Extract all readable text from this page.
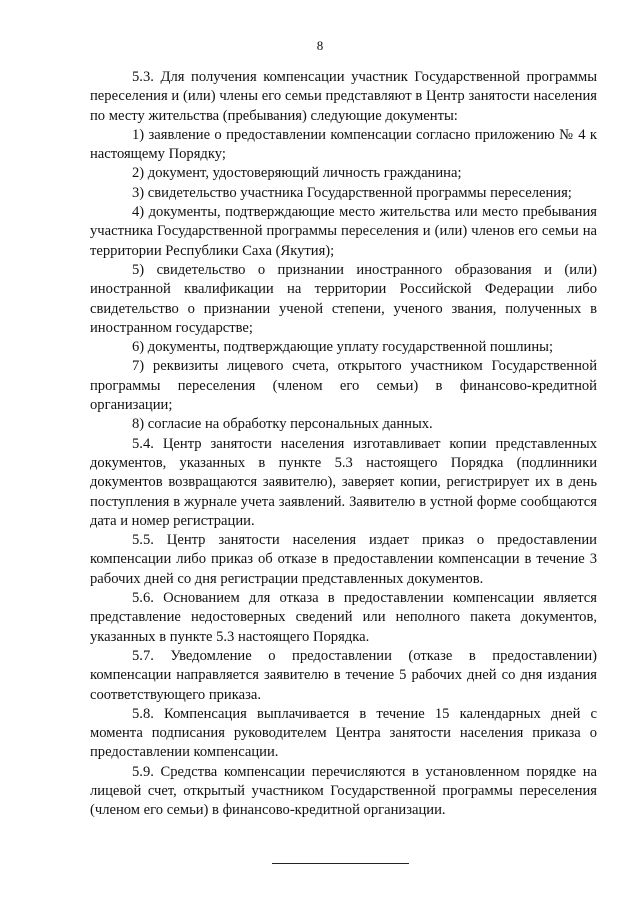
8

5.3. Для получения компенсации участник Государственной программы переселения и (или) члены его семьи представляют в Центр занятости населения по месту жительства (пребывания) следующие документы:

1) заявление о предоставлении компенсации согласно приложению № 4 к настоящему Порядку;

2) документ, удостоверяющий личность гражданина;

3) свидетельство участника Государственной программы переселения;

4) документы, подтверждающие место жительства или место пребывания участника Государственной программы переселения и (или) членов его семьи на территории Республики Саха (Якутия);

5) свидетельство о признании иностранного образования и (или) иностранной квалификации на территории Российской Федерации либо свидетельство о признании ученой степени, ученого звания, полученных в иностранном государстве;

6) документы, подтверждающие уплату государственной пошлины;

7) реквизиты лицевого счета, открытого участником Государственной программы переселения (членом его семьи) в финансово-кредитной организации;

8) согласие на обработку персональных данных.

5.4. Центр занятости населения изготавливает копии представленных документов, указанных в пункте 5.3 настоящего Порядка (подлинники документов возвращаются заявителю), заверяет копии, регистрирует их в день поступления в журнале учета заявлений. Заявителю в устной форме сообщаются дата и номер регистрации.

5.5. Центр занятости населения издает приказ о предоставлении компенсации либо приказ об отказе в предоставлении компенсации в течение 3 рабочих дней со дня регистрации представленных документов.

5.6. Основанием для отказа в предоставлении компенсации является представление недостоверных сведений или неполного пакета документов, указанных в пункте 5.3 настоящего Порядка.

5.7. Уведомление о предоставлении (отказе в предоставлении) компенсации направляется заявителю в течение 5 рабочих дней со дня издания соответствующего приказа.

5.8. Компенсация выплачивается в течение 15 календарных дней с момента подписания руководителем Центра занятости населения приказа о предоставлении компенсации.

5.9. Средства компенсации перечисляются в установленном порядке на лицевой счет, открытый участником Государственной программы переселения (членом его семьи) в финансово-кредитной организации.
